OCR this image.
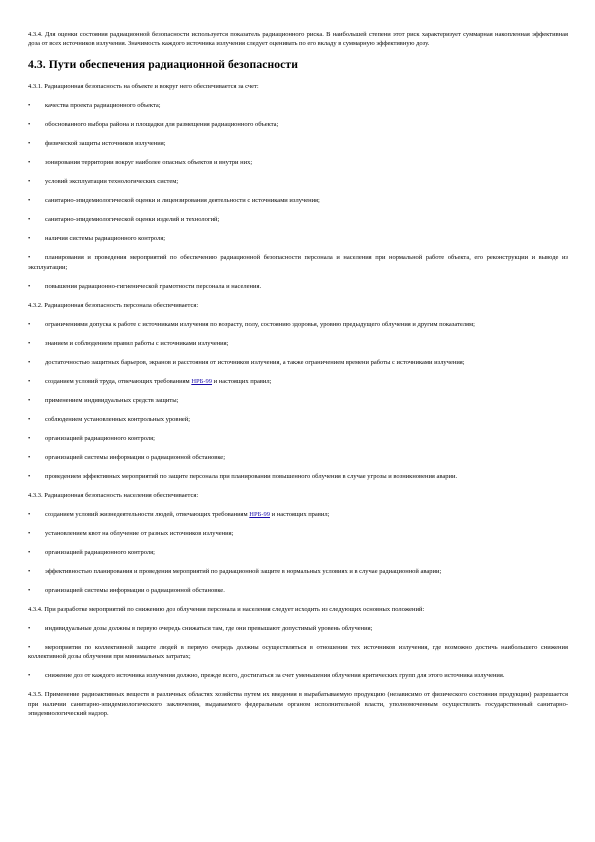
4.3.4. Для оценки состояния радиационной безопасности используется показатель радиационного риска. В наибольшей степени этот риск характеризует суммарная накопленная эффективная доза от всех источников излучения. Значимость каждого источника излучения следует оценивать по его вкладу в суммарную эффективную дозу.

4.3. Пути обеспечения радиационной безопасности

4.3.1. Радиационная безопасность на объекте и вокруг него обеспечивается за счет:

• качества проекта радиационного объекта;

• обоснованного выбора района и площадки для размещения радиационного объекта;

• физической защиты источников излучения;

• зонирования территории вокруг наиболее опасных объектов и внутри них;

• условий эксплуатации технологических систем;

• санитарно-эпидемиологической оценки и лицензирования деятельности с источниками излучения;

• санитарно-эпидемиологической оценки изделий и технологий;

• наличия системы радиационного контроля;

• планирования и проведения мероприятий по обеспечению радиационной безопасности персонала и населения при нормальной работе объекта, его реконструкции и выводе из эксплуатации;

• повышения радиационно-гигиенической грамотности персонала и населения.

4.3.2. Радиационная безопасность персонала обеспечивается:

• ограничениями допуска к работе с источниками излучения по возрасту, полу, состоянию здоровья, уровню предыдущего облучения и другим показателям;

• знанием и соблюдением правил работы с источниками излучения;

• достаточностью защитных барьеров, экранов и расстояния от источников излучения, а также ограничением времени работы с источниками излучения;

• созданием условий труда, отвечающих требованиям НРБ-99 и настоящих правил;

• применением индивидуальных средств защиты;

• соблюдением установленных контрольных уровней;

• организацией радиационного контроля;

• организацией системы информации о радиационной обстановке;

• проведением эффективных мероприятий по защите персонала при планировании повышенного облучения в случае угрозы и возникновения аварии.

4.3.3. Радиационная безопасность населения обеспечивается:

• созданием условий жизнедеятельности людей, отвечающих требованиям НРБ-99 и настоящих правил;

• установлением квот на облучение от разных источников излучения;

• организацией радиационного контроля;

• эффективностью планирования и проведения мероприятий по радиационной защите в нормальных условиях и в случае радиационной аварии;

• организацией системы информации о радиационной обстановке.

4.3.4. При разработке мероприятий по снижению доз облучения персонала и населения следует исходить из следующих основных положений:

• индивидуальные дозы должны в первую очередь снижаться там, где они превышают допустимый уровень облучения;

• мероприятия по коллективной защите людей в первую очередь должны осуществляться в отношении тех источников излучения, где возможно достичь наибольшего снижения коллективной дозы облучения при минимальных затратах;

• снижение доз от каждого источника излучения должно, прежде всего, достигаться за счет уменьшения облучения критических групп для этого источника излучения.

4.3.5. Применение радиоактивных веществ в различных областях хозяйства путем их введения в вырабатываемую продукцию (независимо от физического состояния продукции) разрешается при наличии санитарно-эпидемиологического заключения, выдаваемого федеральным органом исполнительной власти, уполномоченным осуществлять государственный санитарно-эпидемиологический надзор.
